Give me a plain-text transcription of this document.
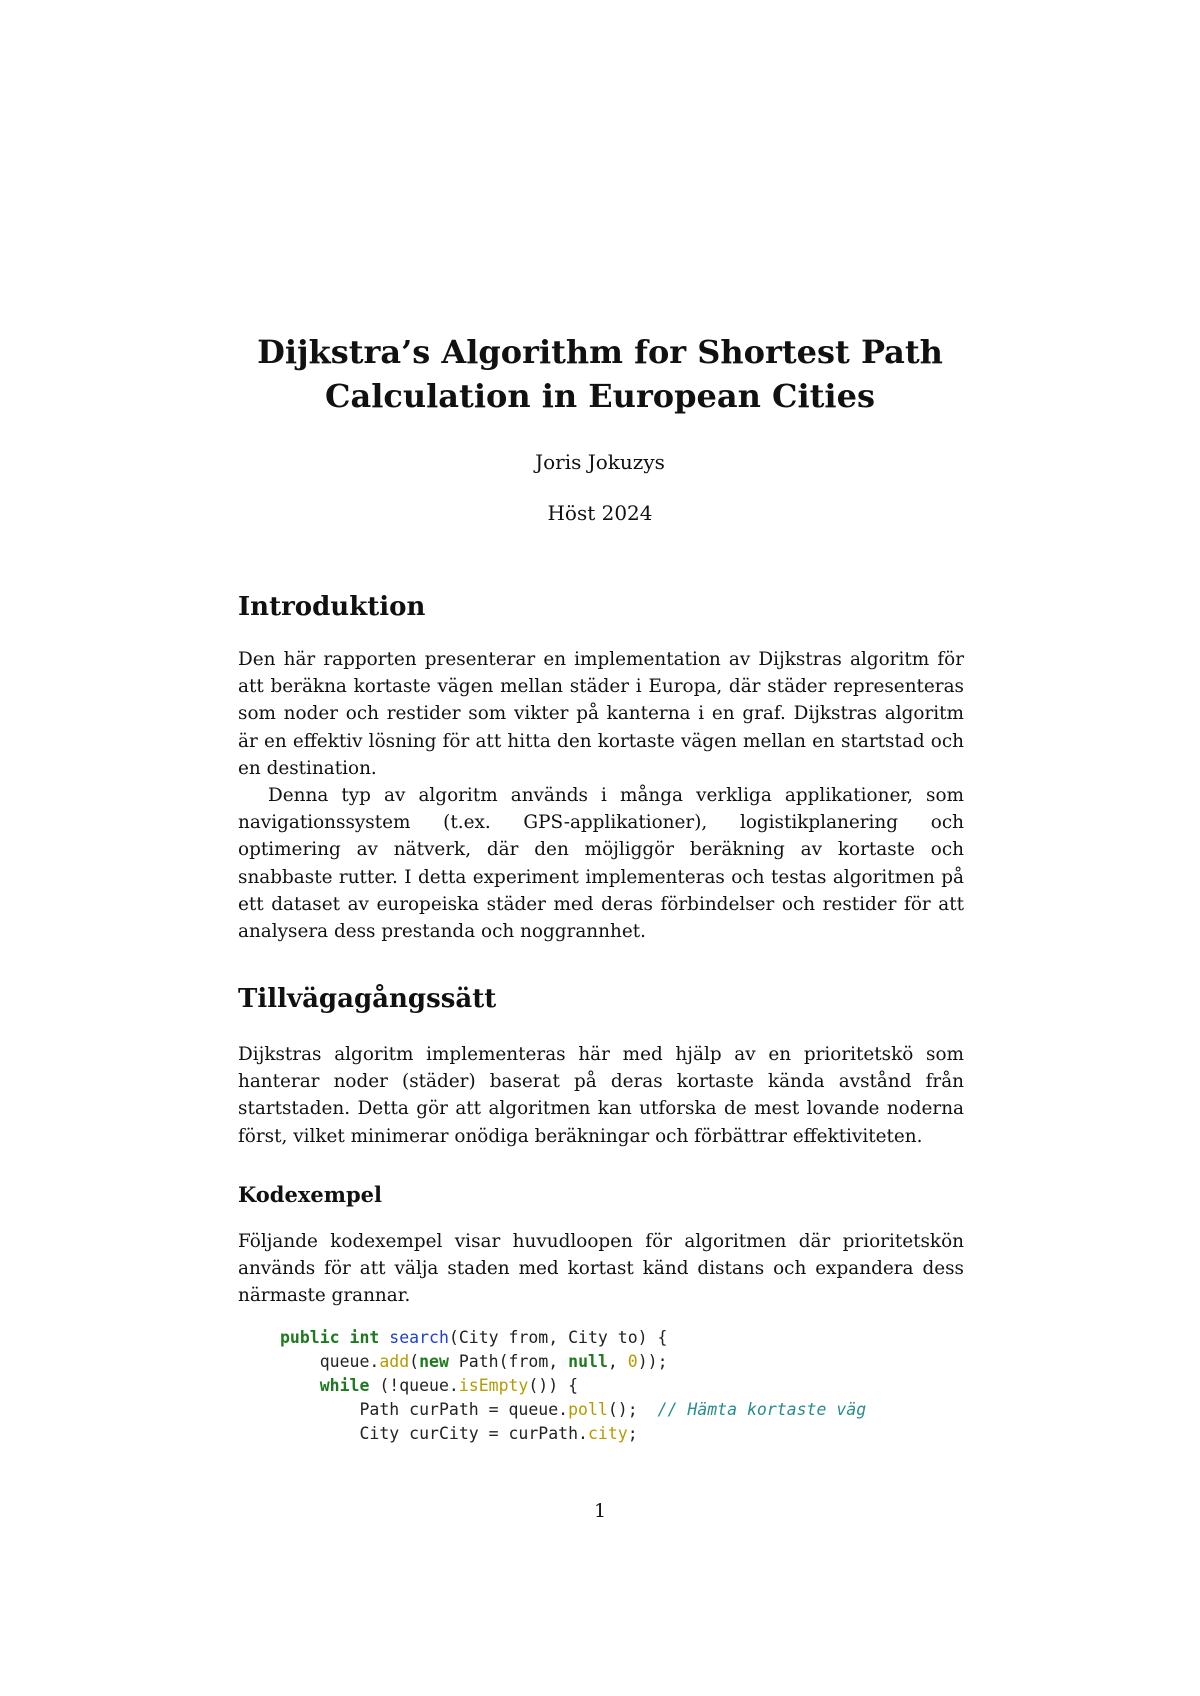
Dijkstra’s Algorithm for Shortest Path
Calculation in European Cities
Joris Jokuzys
Höst 2024
Introduktion

Den här rapporten presenterar en implementation av Dijkstras algoritm för att beräkna kortaste vägen mellan städer i Europa, där städer representeras som noder och restider som vikter på kanterna i en graf. Dijkstras algoritm är en effektiv lösning för att hitta den kortaste vägen mellan en startstad och en destination.

Denna typ av algoritm används i många verkliga applikationer, som navigationssystem (t.ex. GPS-applikationer), logistikplanering och optimering av nätverk, där den möjliggör beräkning av kortaste och snabbaste rutter. I detta experiment implementeras och testas algoritmen på ett dataset av europeiska städer med deras förbindelser och restider för att analysera dess prestanda och noggrannhet.

Tillvägagångssätt

Dijkstras algoritm implementeras här med hjälp av en prioritetskö som hanterar noder (städer) baserat på deras kortaste kända avstånd från startstaden. Detta gör att algoritmen kan utforska de mest lovande noderna först, vilket minimerar onödiga beräkningar och förbättrar effektiviteten.

Kodexempel

Följande kodexempel visar huvudloopen för algoritmen där prioritetskön används för att välja staden med kortast känd distans och expandera dess närmaste grannar.

public int search(City from, City to) {
queue.add(new Path(from, null, 0));
while (!queue.isEmpty()) {
Path curPath = queue.poll(); // Hämta kortaste väg
City curCity = curPath.city;
1
